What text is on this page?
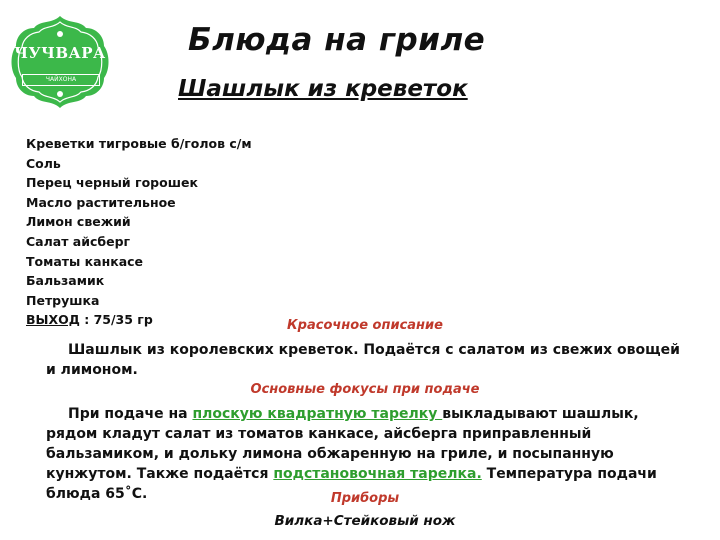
ЧУЧВАРА
ЧАЙХОНА
Блюда на гриле
Шашлык из креветок
Креветки тигровые б/голов с/м
Соль
Перец черный горошек
Масло растительное
Лимон свежий
Салат айсберг
Томаты канкасе
Бальзамик
Петрушка
ВЫХОД : 75/35 гр	Красочное описание

Шашлык из королевских креветок. Подаётся с салатом из свежих овощей и лимоном.

Основные фокусы при подаче

При подаче на плоскую квадратную тарелку выкладывают шашлык, рядом кладут салат из томатов канкасе, айсберга приправленный бальзамиком, и дольку лимона обжаренную на гриле, и посыпанную кунжутом. Также подаётся подстановочная тарелка. Температура подачи блюда 65˚С.	Приборы
Вилка+Стейковый нож
